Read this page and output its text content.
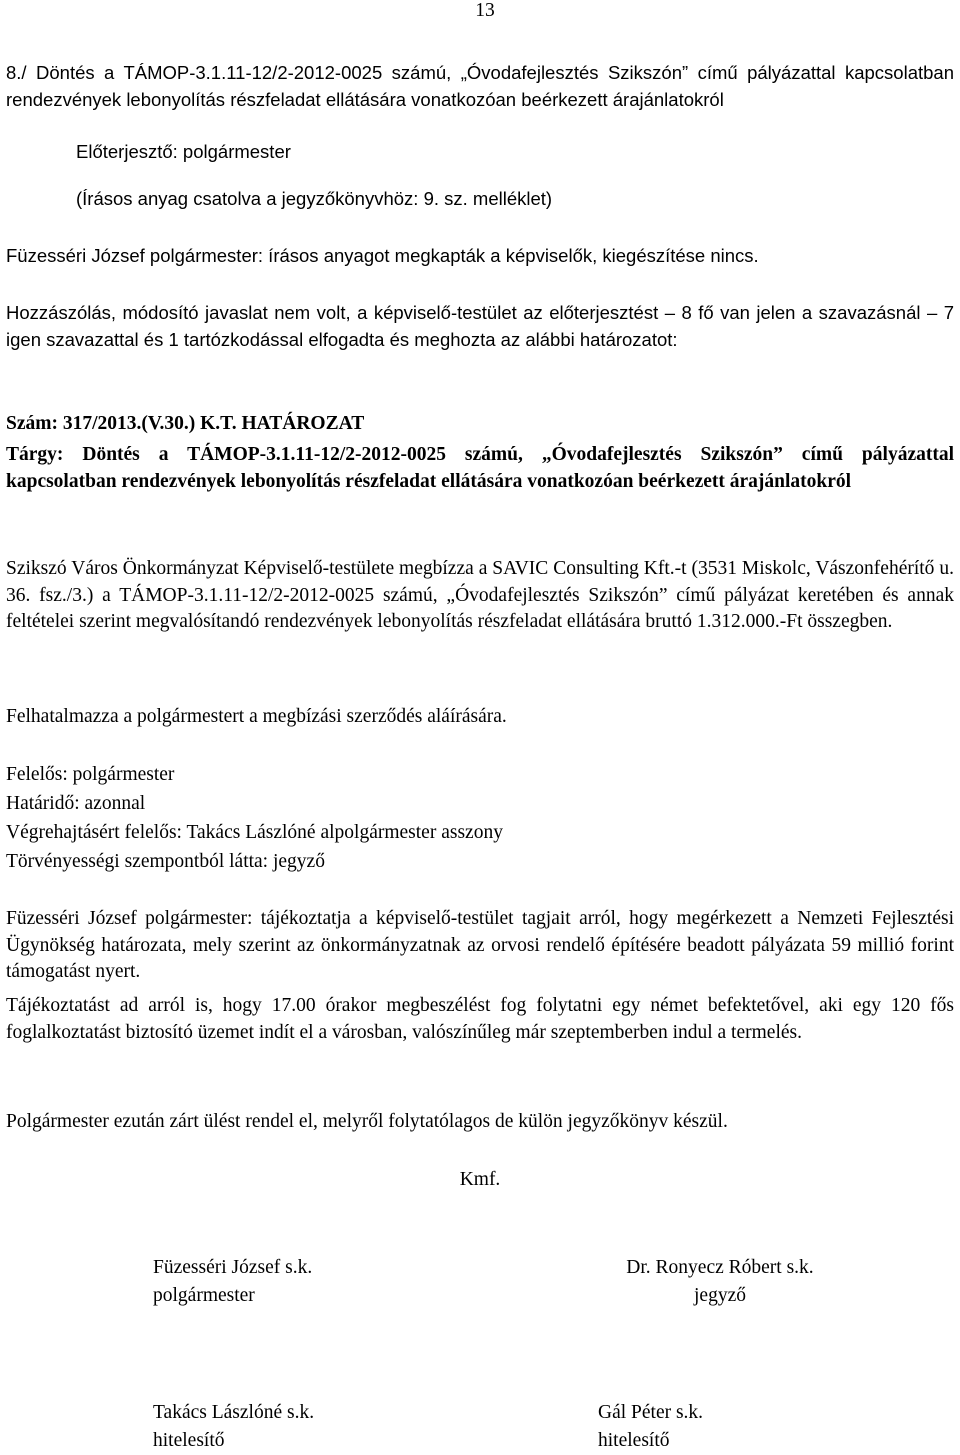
13
8./ Döntés a TÁMOP-3.1.11-12/2-2012-0025 számú, „Óvodafejlesztés Szikszón” című pályázattal kapcsolatban rendezvények lebonyolítás részfeladat ellátására vonatkozóan beérkezett árajánlatokról
Előterjesztő: polgármester
(Írásos anyag csatolva a jegyzőkönyvhöz: 9. sz. melléklet)
Füzesséri József polgármester: írásos anyagot megkapták a képviselők, kiegészítése nincs.
Hozzászólás, módosító javaslat nem volt, a képviselő-testület az előterjesztést – 8 fő van jelen a szavazásnál – 7 igen szavazattal és 1 tartózkodással elfogadta és meghozta az alábbi határozatot:
Szám: 317/2013.(V.30.) K.T. HATÁROZAT
Tárgy: Döntés a TÁMOP-3.1.11-12/2-2012-0025 számú, „Óvodafejlesztés Szikszón” című pályázattal kapcsolatban rendezvények lebonyolítás részfeladat ellátására vonatkozóan beérkezett árajánlatokról
Szikszó Város Önkormányzat Képviselő-testülete megbízza a SAVIC Consulting Kft.-t (3531 Miskolc, Vászonfehérítő u. 36. fsz./3.) a TÁMOP-3.1.11-12/2-2012-0025 számú, „Óvodafejlesztés Szikszón” című pályázat keretében és annak feltételei szerint megvalósítandó rendezvények lebonyolítás részfeladat ellátására bruttó 1.312.000.-Ft összegben.
Felhatalmazza a polgármestert a megbízási szerződés aláírására.
Felelős: polgármester
Határidő: azonnal
Végrehajtásért felelős: Takács Lászlóné alpolgármester asszony
Törvényességi szempontból látta: jegyző
Füzesséri József polgármester: tájékoztatja a képviselő-testület tagjait arról, hogy megérkezett a Nemzeti Fejlesztési Ügynökség határozata, mely szerint az önkormányzatnak az orvosi rendelő építésére beadott pályázata 59 millió forint támogatást nyert.
Tájékoztatást ad arról is, hogy 17.00 órakor megbeszélést fog folytatni egy német befektetővel, aki egy 120 fős foglalkoztatást biztosító üzemet indít el a városban, valószínűleg már szeptemberben indul a termelés.
Polgármester ezután zárt ülést rendel el, melyről folytatólagos de külön jegyzőkönyv készül.
Kmf.
Füzesséri József s.k.
polgármester
Dr. Ronyecz Róbert s.k.
jegyző
Takács Lászlóné s.k.
hitelesítő
Gál Péter s.k.
hitelesítő
